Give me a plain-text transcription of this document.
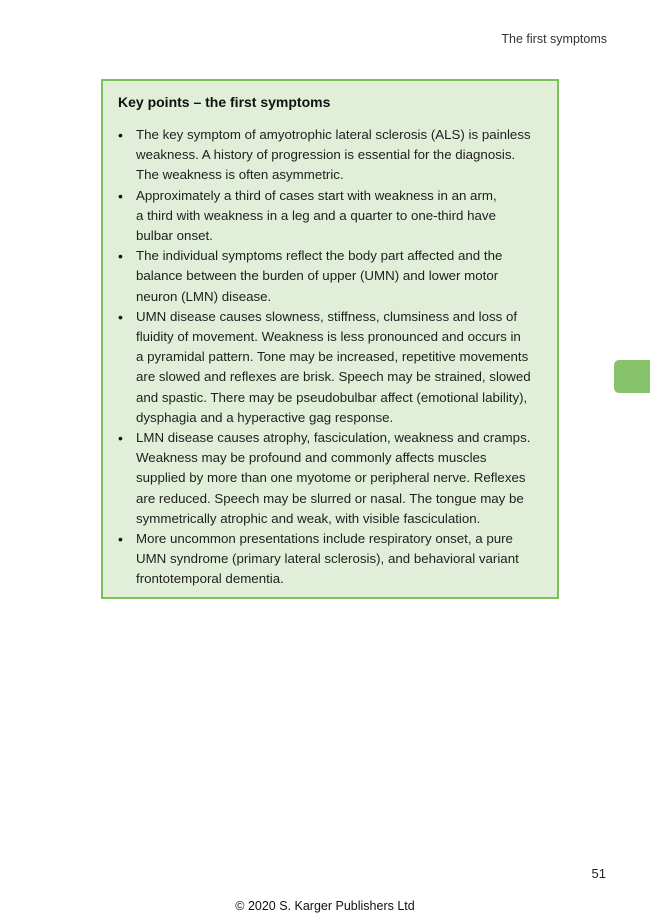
The first symptoms
Key points – the first symptoms
• The key symptom of amyotrophic lateral sclerosis (ALS) is painless
weakness. A history of progression is essential for the diagnosis.
The weakness is often asymmetric.
• Approximately a third of cases start with weakness in an arm,
a third with weakness in a leg and a quarter to one-third have
bulbar onset.
• The individual symptoms reflect the body part affected and the
balance between the burden of upper (UMN) and lower motor
neuron (LMN) disease.
• UMN disease causes slowness, stiffness, clumsiness and loss of
fluidity of movement. Weakness is less pronounced and occurs in
a pyramidal pattern. Tone may be increased, repetitive movements
are slowed and reflexes are brisk. Speech may be strained, slowed
and spastic. There may be pseudobulbar affect (emotional lability),
dysphagia and a hyperactive gag response.
• LMN disease causes atrophy, fasciculation, weakness and cramps.
Weakness may be profound and commonly affects muscles
supplied by more than one myotome or peripheral nerve. Reflexes
are reduced. Speech may be slurred or nasal. The tongue may be
symmetrically atrophic and weak, with visible fasciculation.
• More uncommon presentations include respiratory onset, a pure
UMN syndrome (primary lateral sclerosis), and behavioral variant
frontotemporal dementia.
51
© 2020 S. Karger Publishers Ltd
